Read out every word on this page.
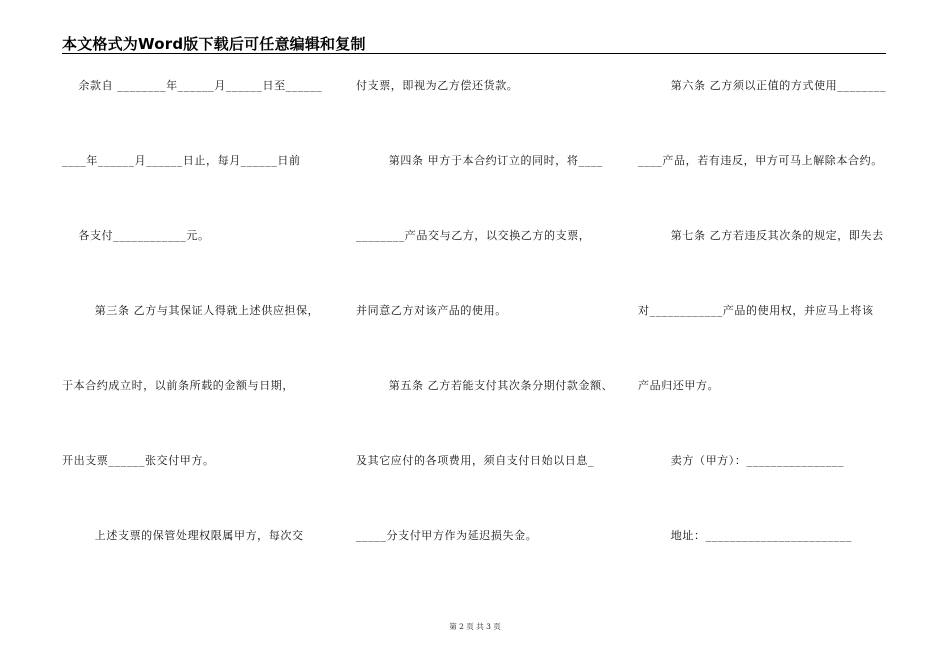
本文格式为Word版下载后可任意编辑和复制
余款自 ________年______月______日至______
____年______月______日止，每月______日前
各支付____________元。
第三条 乙方与其保证人得就上述供应担保，
于本合约成立时，以前条所载的金额与日期，
开出支票______张交付甲方。
上述支票的保管处理权限属甲方，每次交
付支票，即视为乙方偿还货款。
第四条 甲方于本合约订立的同时，将____
________产品交与乙方，以交换乙方的支票，
并同意乙方对该产品的使用。
第五条 乙方若能支付其次条分期付款金额、
及其它应付的各项费用，须自支付日始以日息_
_____分支付甲方作为延迟损失金。
第六条 乙方须以正值的方式使用________
____产品，若有违反，甲方可马上解除本合约。
第七条 乙方若违反其次条的规定，即失去
对____________产品的使用权，并应马上将该
产品归还甲方。
卖方（甲方）：________________
地址：________________________
第 2 页 共 3 页
